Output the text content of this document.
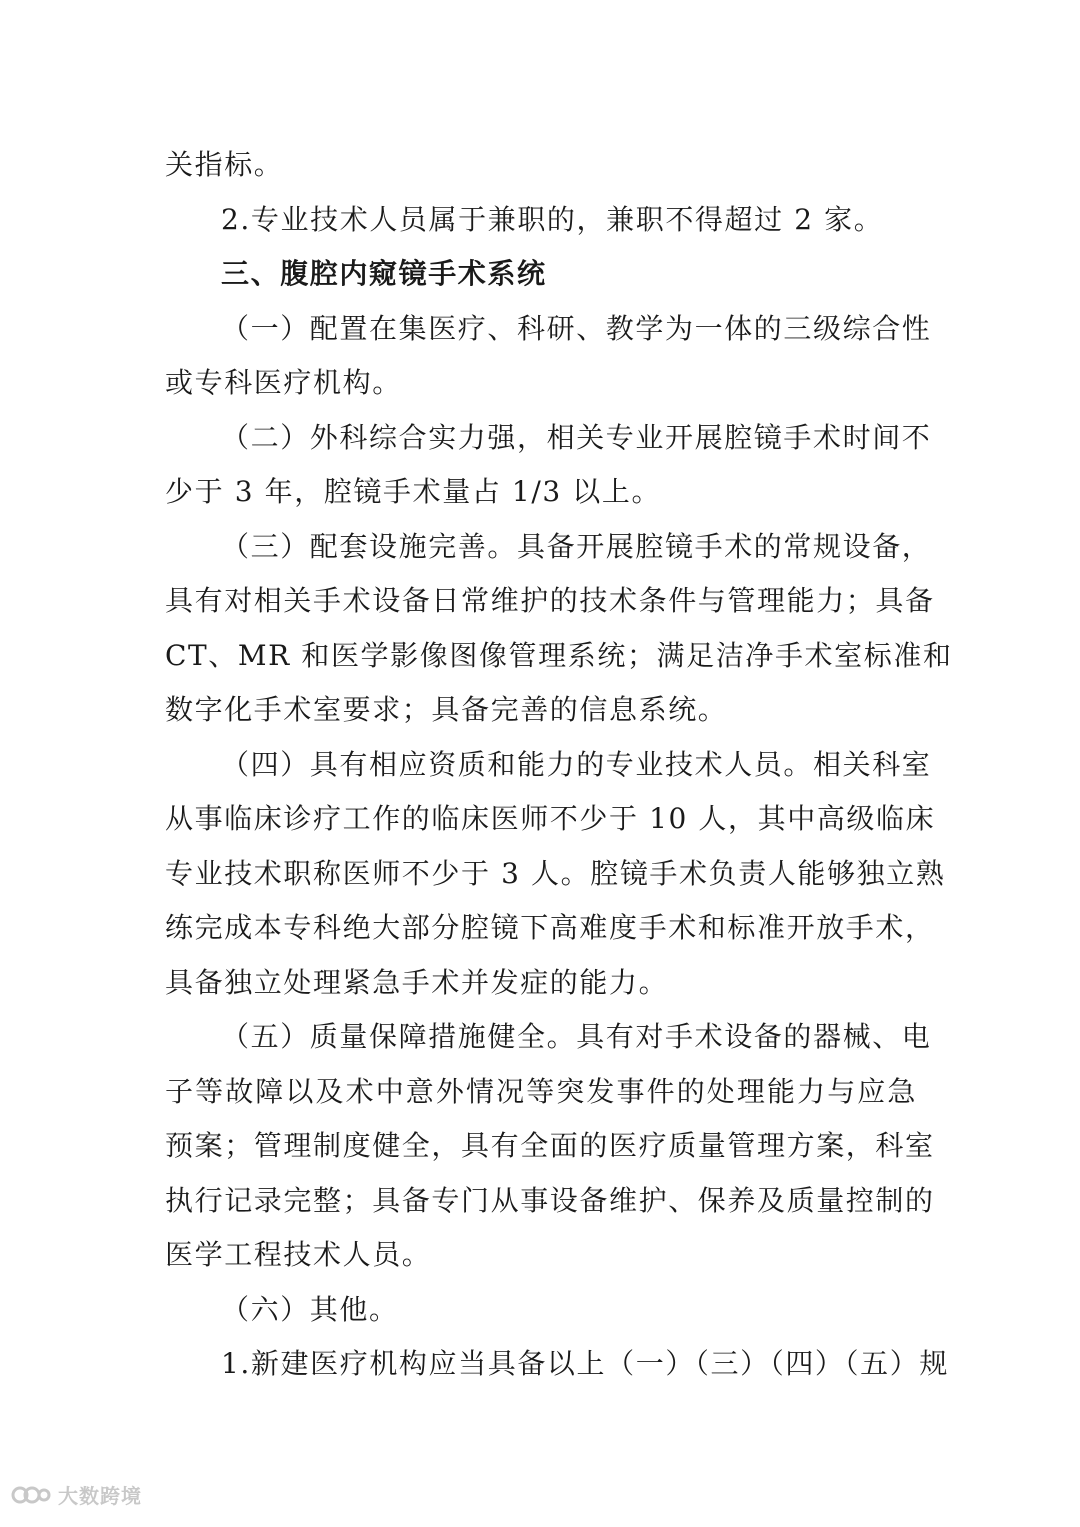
关指标。
2.专业技术人员属于兼职的，兼职不得超过 2 家。
三、腹腔内窥镜手术系统
（一）配置在集医疗、科研、教学为一体的三级综合性
或专科医疗机构。
（二）外科综合实力强，相关专业开展腔镜手术时间不
少于 3 年，腔镜手术量占 1/3 以上。
（三）配套设施完善。具备开展腔镜手术的常规设备，
具有对相关手术设备日常维护的技术条件与管理能力；具备
CT、MR 和医学影像图像管理系统；满足洁净手术室标准和
数字化手术室要求；具备完善的信息系统。
（四）具有相应资质和能力的专业技术人员。相关科室
从事临床诊疗工作的临床医师不少于 10 人，其中高级临床
专业技术职称医师不少于 3 人。腔镜手术负责人能够独立熟
练完成本专科绝大部分腔镜下高难度手术和标准开放手术，
具备独立处理紧急手术并发症的能力。
（五）质量保障措施健全。具有对手术设备的器械、电
子等故障以及术中意外情况等突发事件的处理能力与应急
预案；管理制度健全，具有全面的医疗质量管理方案，科室
执行记录完整；具备专门从事设备维护、保养及质量控制的
医学工程技术人员。
（六）其他。
1.新建医疗机构应当具备以上（一）（三）（四）（五）规
大数跨境
